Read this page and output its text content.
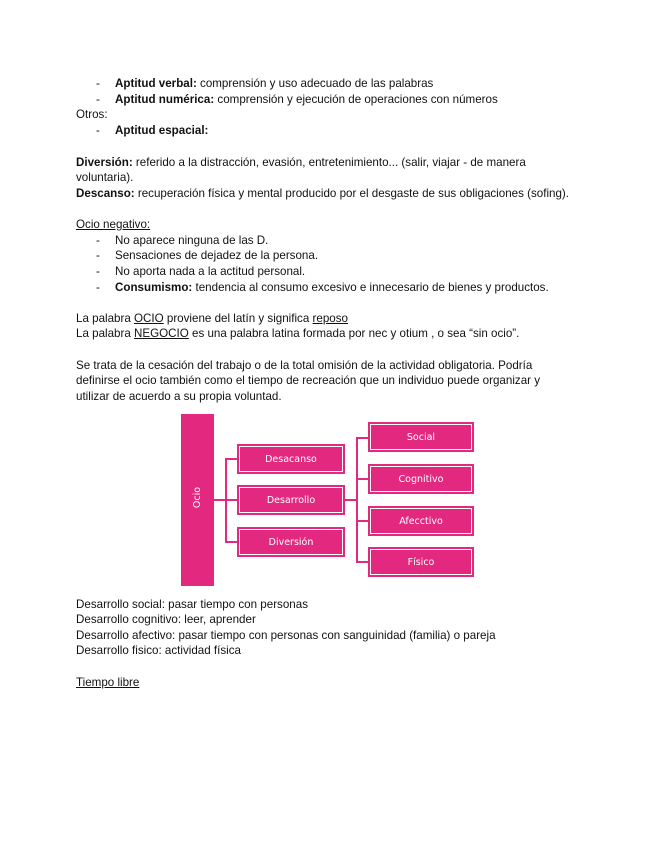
-	Aptitud verbal: comprensión y uso adecuado de las palabras
-	Aptitud numérica: comprensión y ejecución de operaciones con números
Otros:
-	Aptitud espacial:
Diversión: referido a la distracción, evasión, entretenimiento... (salir, viajar - de manera
voluntaria).
Descanso: recuperación física y mental producido por el desgaste de sus obligaciones (sofing).
Ocio negativo:
-	No aparece ninguna de las D.
-	Sensaciones de dejadez de la persona.
-	No aporta nada a la actitud personal.
-	Consumismo: tendencia al consumo excesivo e innecesario de bienes y productos.
La palabra OCIO proviene del latín y significa reposo
La palabra NEGOCIO es una palabra latina formada por nec y otium , o sea “sin ocio”.
Se trata de la cesación del trabajo o de la total omisión de la actividad obligatoria. Podría
definirse el ocio también como el tiempo de recreación que un individuo puede organizar y
utilizar de acuerdo a su propia voluntad.
Ocio
Desacanso
Desarrollo
Diversión
Social
Cognitivo
Afecctivo
Físico
Desarrollo social: pasar tiempo con personas
Desarrollo cognitivo: leer, aprender
Desarrollo afectivo: pasar tiempo con personas con sanguinidad (familia) o pareja
Desarrollo fisico: actividad física
Tiempo libre
